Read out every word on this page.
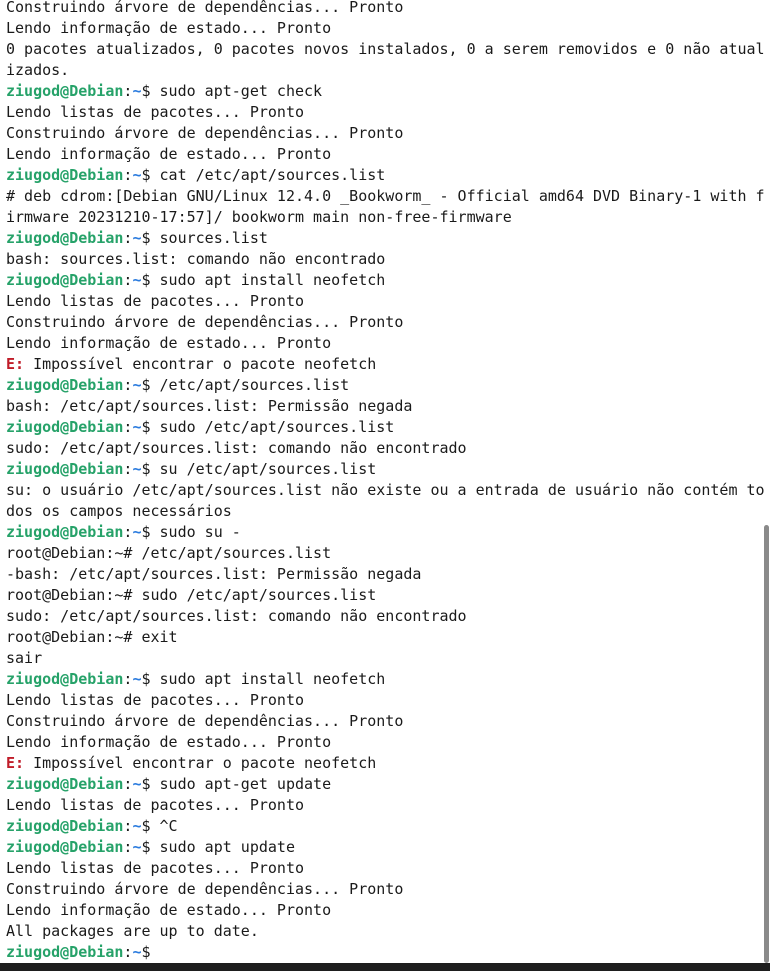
Construindo árvore de dependências... Pronto
Lendo informação de estado... Pronto
0 pacotes atualizados, 0 pacotes novos instalados, 0 a serem removidos e 0 não atual
izados.
ziugod@Debian:~$ sudo apt-get check
Lendo listas de pacotes... Pronto
Construindo árvore de dependências... Pronto
Lendo informação de estado... Pronto
ziugod@Debian:~$ cat /etc/apt/sources.list
# deb cdrom:[Debian GNU/Linux 12.4.0 _Bookworm_ - Official amd64 DVD Binary-1 with f
irmware 20231210-17:57]/ bookworm main non-free-firmware
ziugod@Debian:~$ sources.list
bash: sources.list: comando não encontrado
ziugod@Debian:~$ sudo apt install neofetch
Lendo listas de pacotes... Pronto
Construindo árvore de dependências... Pronto
Lendo informação de estado... Pronto
E: Impossível encontrar o pacote neofetch
ziugod@Debian:~$ /etc/apt/sources.list
bash: /etc/apt/sources.list: Permissão negada
ziugod@Debian:~$ sudo /etc/apt/sources.list
sudo: /etc/apt/sources.list: comando não encontrado
ziugod@Debian:~$ su /etc/apt/sources.list
su: o usuário /etc/apt/sources.list não existe ou a entrada de usuário não contém to
dos os campos necessários
ziugod@Debian:~$ sudo su -
root@Debian:~# /etc/apt/sources.list
-bash: /etc/apt/sources.list: Permissão negada
root@Debian:~# sudo /etc/apt/sources.list
sudo: /etc/apt/sources.list: comando não encontrado
root@Debian:~# exit
sair
ziugod@Debian:~$ sudo apt install neofetch
Lendo listas de pacotes... Pronto
Construindo árvore de dependências... Pronto
Lendo informação de estado... Pronto
E: Impossível encontrar o pacote neofetch
ziugod@Debian:~$ sudo apt-get update
Lendo listas de pacotes... Pronto
ziugod@Debian:~$ ^C
ziugod@Debian:~$ sudo apt update
Lendo listas de pacotes... Pronto
Construindo árvore de dependências... Pronto
Lendo informação de estado... Pronto
All packages are up to date.
ziugod@Debian:~$
